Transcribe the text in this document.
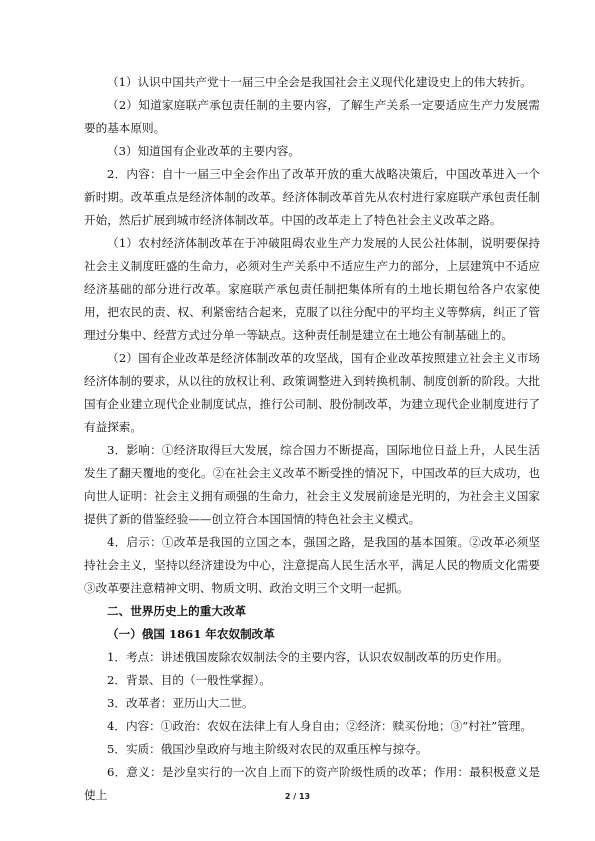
（1）认识中国共产党十一届三中全会是我国社会主义现代化建设史上的伟大转折。

（2）知道家庭联产承包责任制的主要内容，了解生产关系一定要适应生产力发展需要的基本原则。

（3）知道国有企业改革的主要内容。

2．内容：自十一届三中全会作出了改革开放的重大战略决策后，中国改革进入一个新时期。改革重点是经济体制的改革。经济体制改革首先从农村进行家庭联产承包责任制开始，然后扩展到城市经济体制改革。中国的改革走上了特色社会主义改革之路。

（1）农村经济体制改革在于冲破阻碍农业生产力发展的人民公社体制，说明要保持社会主义制度旺盛的生命力，必须对生产关系中不适应生产力的部分，上层建筑中不适应经济基础的部分进行改革。家庭联产承包责任制把集体所有的土地长期包给各户农家使用，把农民的责、权、利紧密结合起来，克服了以往分配中的平均主义等弊病，纠正了管理过分集中、经营方式过分单一等缺点。这种责任制是建立在土地公有制基础上的。

（2）国有企业改革是经济体制改革的攻坚战，国有企业改革按照建立社会主义市场经济体制的要求，从以往的放权让利、政策调整进入到转换机制、制度创新的阶段。大批国有企业建立现代企业制度试点，推行公司制、股份制改革，为建立现代企业制度进行了有益探索。

3．影响：①经济取得巨大发展，综合国力不断提高，国际地位日益上升，人民生活发生了翻天覆地的变化。②在社会主义改革不断受挫的情况下，中国改革的巨大成功，也向世人证明：社会主义拥有顽强的生命力，社会主义发展前途是光明的，为社会主义国家提供了新的借鉴经验——创立符合本国国情的特色社会主义模式。

4．启示：①改革是我国的立国之本，强国之路，是我国的基本国策。②改革必须坚持社会主义，坚持以经济建设为中心，注意提高人民生活水平，满足人民的物质文化需要③改革要注意精神文明、物质文明、政治文明三个文明一起抓。

二、世界历史上的重大改革

（一）俄国 1861 年农奴制改革

1．考点：讲述俄国废除农奴制法令的主要内容，认识农奴制改革的历史作用。

2．背景、目的（一般性掌握）。

3．改革者：亚历山大二世。

4．内容：①政治：农奴在法律上有人身自由；②经济：赎买份地；③“村社”管理。

5．实质：俄国沙皇政府与地主阶级对农民的双重压榨与掠夺。

6．意义：是沙皇实行的一次自上而下的资产阶级性质的改革；作用：最积极意义是使上	2 / 13
